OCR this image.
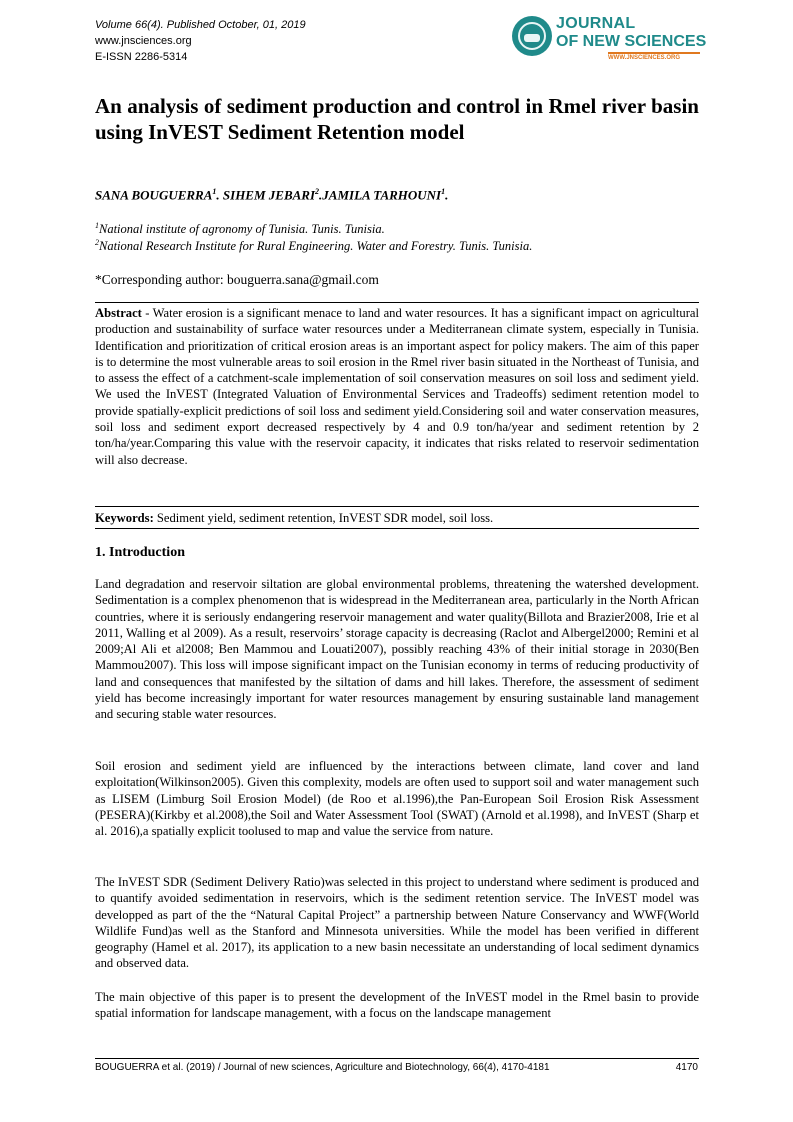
Volume 66(4). Published October, 01, 2019
www.jnsciences.org
E-ISSN 2286-5314
JOURNAL
OF NEW SCIENCES
WWW.JNSCIENCES.ORG
An analysis of sediment production and control in Rmel river basin using InVEST Sediment Retention model
SANA BOUGUERRA$^1$. SIHEM JEBARI$^2$.JAMILA TARHOUNI$^1$.
$^1$National institute of agronomy of Tunisia. Tunis. Tunisia.
$^2$National Research Institute for Rural Engineering. Water and Forestry. Tunis. Tunisia.
*Corresponding author: bouguerra.sana@gmail.com
Abstract - Water erosion is a significant menace to land and water resources. It has a significant impact on agricultural production and sustainability of surface water resources under a Mediterranean climate system, especially in Tunisia. Identification and prioritization of critical erosion areas is an important aspect for policy makers. The aim of this paper is to determine the most vulnerable areas to soil erosion in the Rmel river basin situated in the Northeast of Tunisia, and to assess the effect of a catchment-scale implementation of soil conservation measures on soil loss and sediment yield. We used the InVEST (Integrated Valuation of Environmental Services and Tradeoffs) sediment retention model to provide spatially-explicit predictions of soil loss and sediment yield.Considering soil and water conservation measures, soil loss and sediment export decreased respectively by 4 and 0.9 ton/ha/year and sediment retention by 2 ton/ha/year.Comparing this value with the reservoir capacity, it indicates that risks related to reservoir sedimentation will also decrease.
Keywords: Sediment yield, sediment retention, InVEST SDR model, soil loss.
1. Introduction
Land degradation and reservoir siltation are global environmental problems, threatening the watershed development. Sedimentation is a complex phenomenon that is widespread in the Mediterranean area, particularly in the North African countries, where it is seriously endangering reservoir management and water quality(Billota and Brazier2008, Irie et al 2011, Walling et al 2009). As a result, reservoirs’ storage capacity is decreasing (Raclot and Albergel2000; Remini et al 2009;Al Ali et al2008; Ben Mammou and Louati2007), possibly reaching 43% of their initial storage in 2030(Ben Mammou2007). This loss will impose significant impact on the Tunisian economy in terms of reducing productivity of land and consequences that manifested by the siltation of dams and hill lakes. Therefore, the assessment of sediment yield has become increasingly important for water resources management by ensuring sustainable land management and securing stable water resources.
Soil erosion and sediment yield are influenced by the interactions between climate, land cover and land exploitation(Wilkinson2005). Given this complexity, models are often used to support soil and water management such as LISEM (Limburg Soil Erosion Model) (de Roo et al.1996),the Pan-European Soil Erosion Risk Assessment (PESERA)(Kirkby et al.2008),the Soil and Water Assessment Tool (SWAT) (Arnold et al.1998), and InVEST (Sharp et al. 2016),a spatially explicit toolused to map and value the service from nature.
The InVEST SDR (Sediment Delivery Ratio)was selected in this project to understand where sediment is produced and to quantify avoided sedimentation in reservoirs, which is the sediment retention service. The InVEST model was developped as part of the the “Natural Capital Project” a partnership between Nature Conservancy and WWF(World Wildlife Fund)as well as the Stanford and Minnesota universities. While the model has been verified in different geography (Hamel et al. 2017), its application to a new basin necessitate an understanding of local sediment dynamics and observed data.
The main objective of this paper is to present the development of the InVEST model in the Rmel basin to provide spatial information for landscape management, with a focus on the landscape management
BOUGUERRA et al. (2019) / Journal of new sciences, Agriculture and Biotechnology, 66(4), 4170-4181	4170
